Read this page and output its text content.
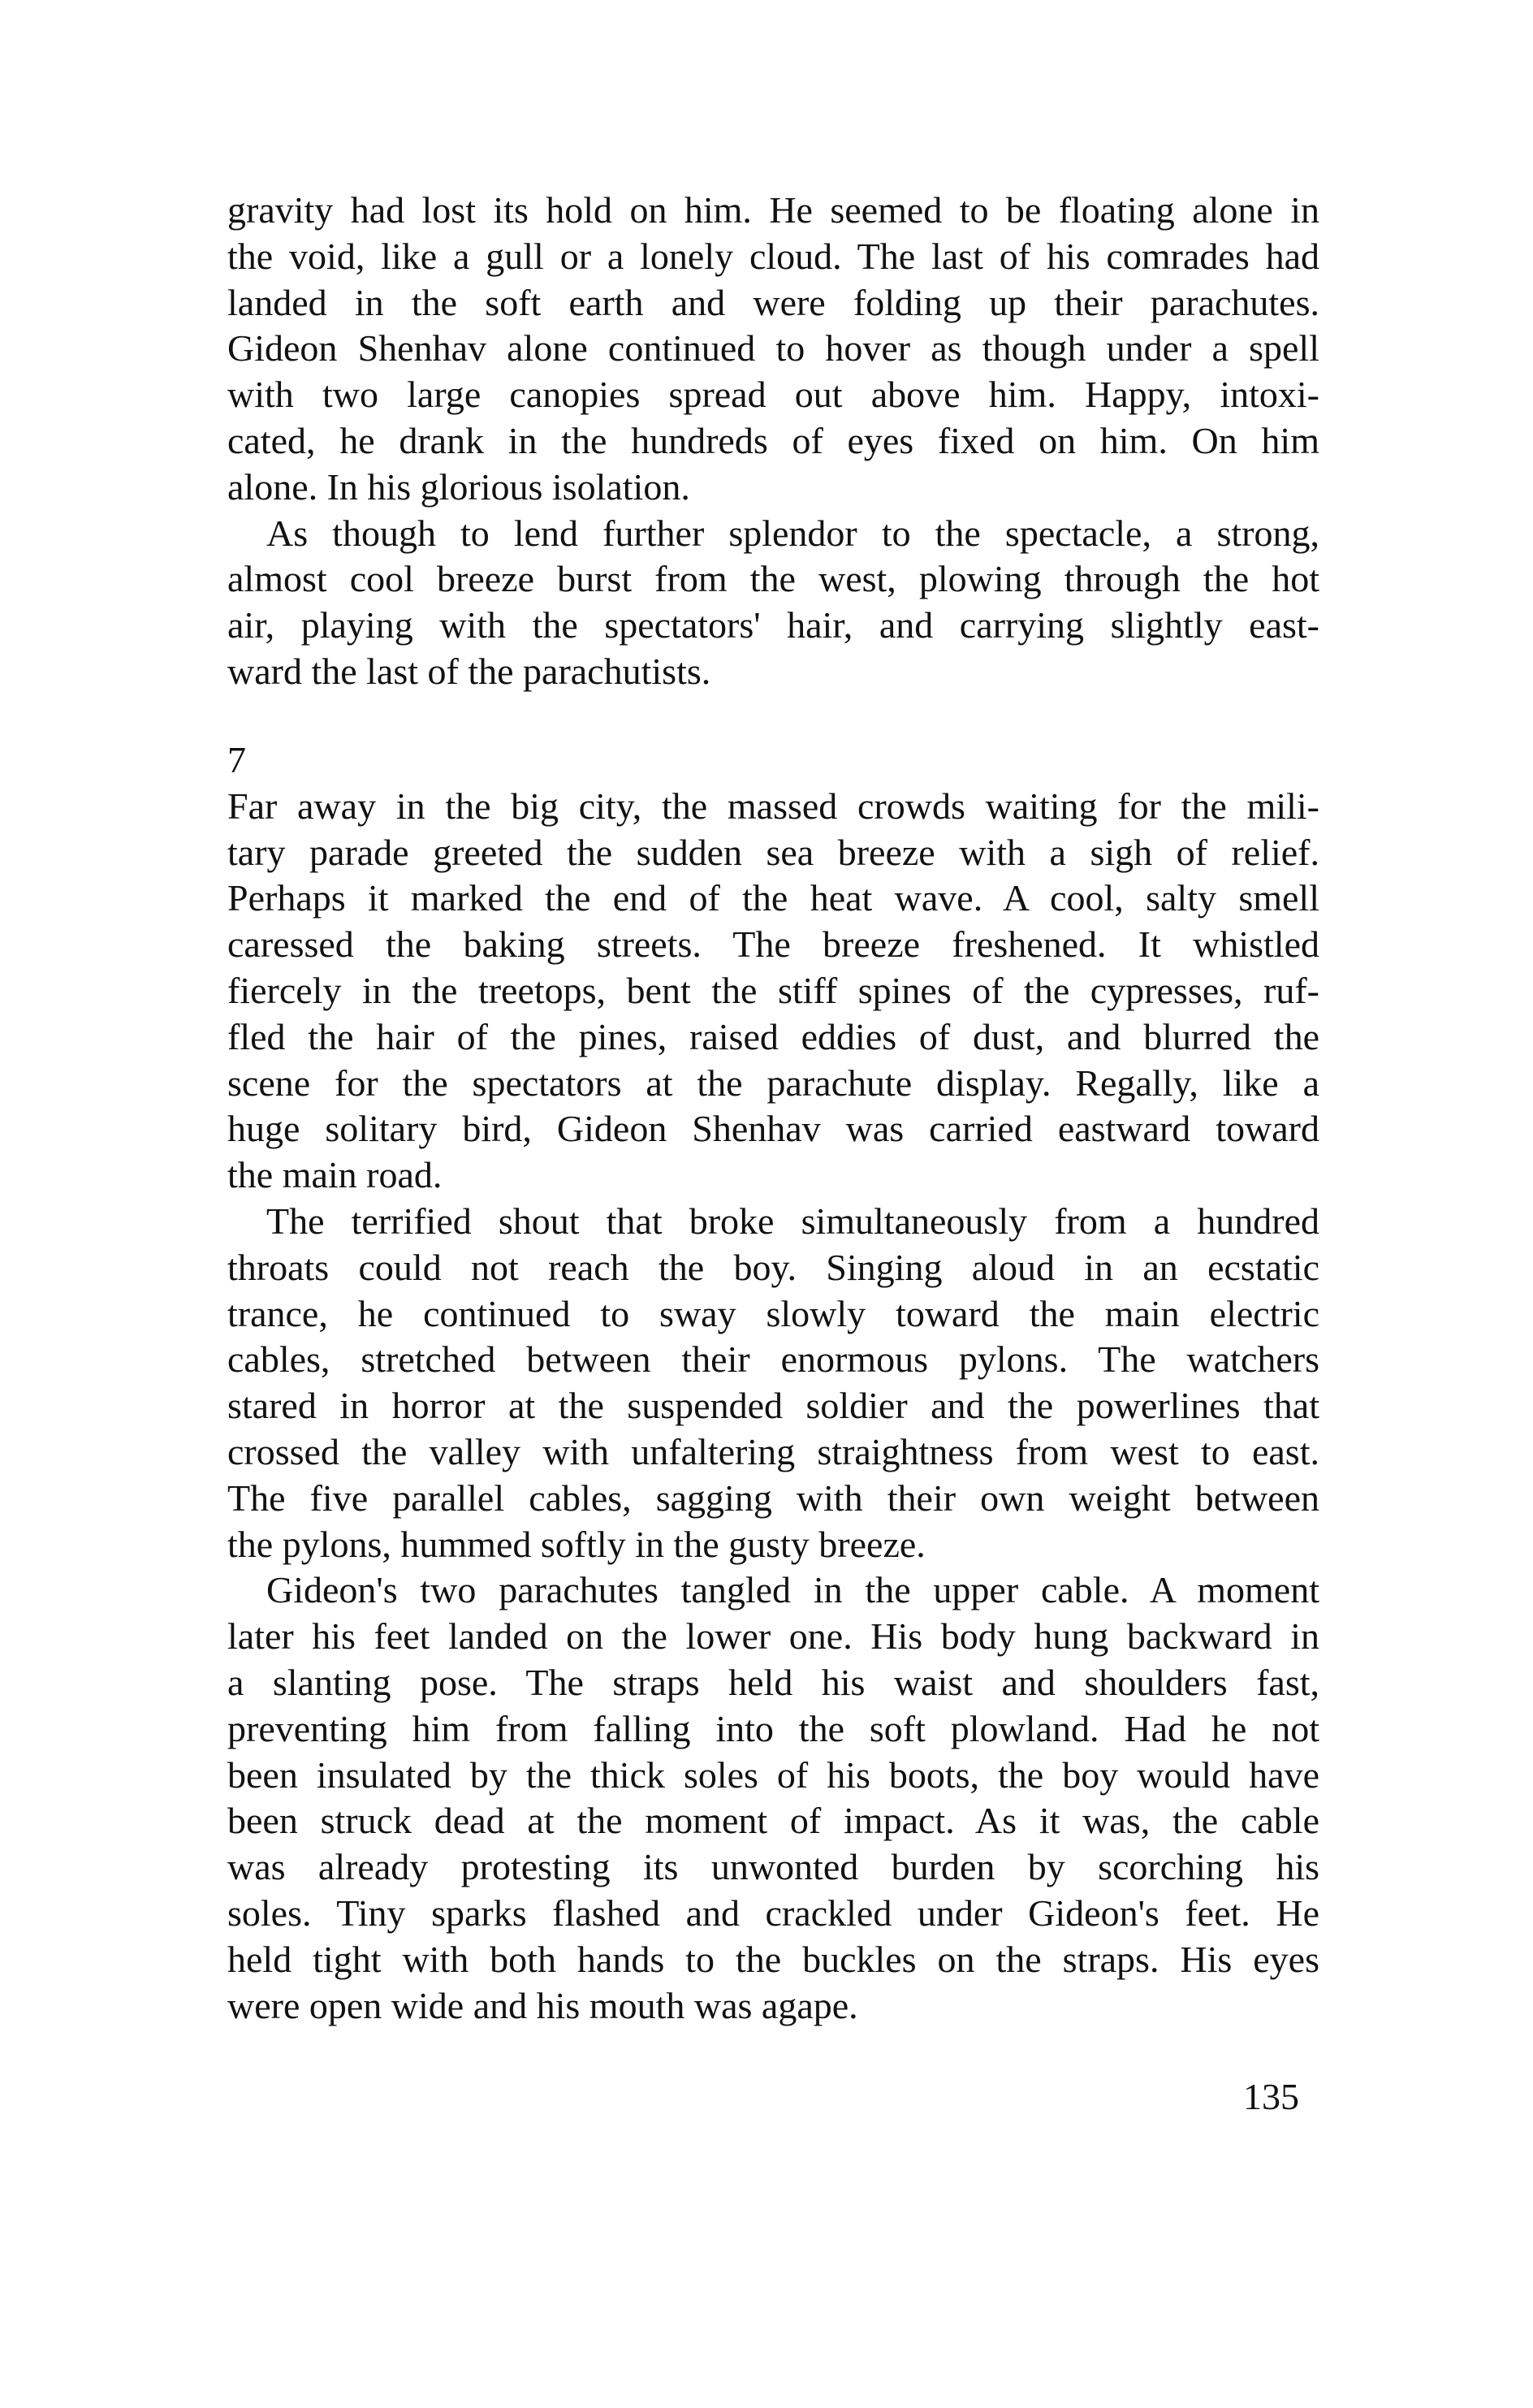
gravity had lost its hold on him. He seemed to be floating alone in
the void, like a gull or a lonely cloud. The last of his comrades had
landed in the soft earth and were folding up their parachutes.
Gideon Shenhav alone continued to hover as though under a spell
with two large canopies spread out above him. Happy, intoxi-
cated, he drank in the hundreds of eyes fixed on him. On him
alone. In his glorious isolation.
As though to lend further splendor to the spectacle, a strong,
almost cool breeze burst from the west, plowing through the hot
air, playing with the spectators' hair, and carrying slightly east-
ward the last of the parachutists.
7
Far away in the big city, the massed crowds waiting for the mili-
tary parade greeted the sudden sea breeze with a sigh of relief.
Perhaps it marked the end of the heat wave. A cool, salty smell
caressed the baking streets. The breeze freshened. It whistled
fiercely in the treetops, bent the stiff spines of the cypresses, ruf-
fled the hair of the pines, raised eddies of dust, and blurred the
scene for the spectators at the parachute display. Regally, like a
huge solitary bird, Gideon Shenhav was carried eastward toward
the main road.
The terrified shout that broke simultaneously from a hundred
throats could not reach the boy. Singing aloud in an ecstatic
trance, he continued to sway slowly toward the main electric
cables, stretched between their enormous pylons. The watchers
stared in horror at the suspended soldier and the powerlines that
crossed the valley with unfaltering straightness from west to east.
The five parallel cables, sagging with their own weight between
the pylons, hummed softly in the gusty breeze.
Gideon's two parachutes tangled in the upper cable. A moment
later his feet landed on the lower one. His body hung backward in
a slanting pose. The straps held his waist and shoulders fast,
preventing him from falling into the soft plowland. Had he not
been insulated by the thick soles of his boots, the boy would have
been struck dead at the moment of impact. As it was, the cable
was already protesting its unwonted burden by scorching his
soles. Tiny sparks flashed and crackled under Gideon's feet. He
held tight with both hands to the buckles on the straps. His eyes
were open wide and his mouth was agape.
135
